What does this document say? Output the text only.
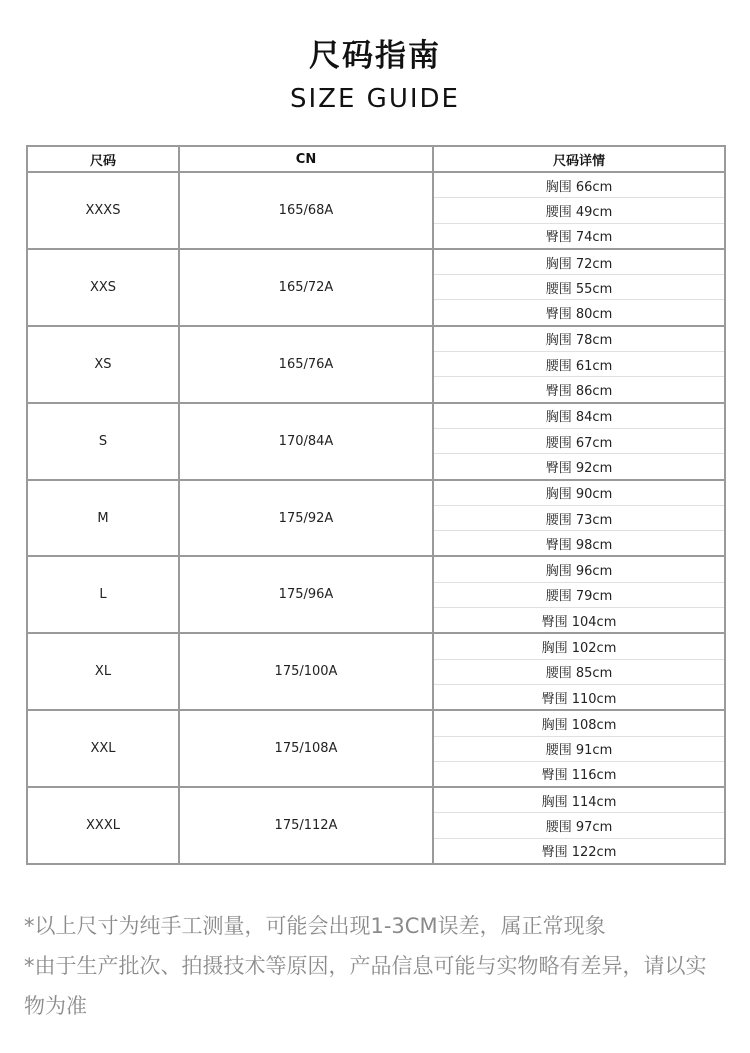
尺码指南
SIZE GUIDE
尺码	CN	尺码详情
XXXS	165/68A	胸围 66cm
		腰围 49cm
		臀围 74cm
XXS	165/72A	胸围 72cm
		腰围 55cm
		臀围 80cm
XS	165/76A	胸围 78cm
		腰围 61cm
		臀围 86cm
S	170/84A	胸围 84cm
		腰围 67cm
		臀围 92cm
M	175/92A	胸围 90cm
		腰围 73cm
		臀围 98cm
L	175/96A	胸围 96cm
		腰围 79cm
		臀围 104cm
XL	175/100A	胸围 102cm
		腰围 85cm
		臀围 110cm
XXL	175/108A	胸围 108cm
		腰围 91cm
		臀围 116cm
XXXL	175/112A	胸围 114cm
		腰围 97cm
		臀围 122cm

*以上尺寸为纯手工测量，可能会出现1-3CM误差，属正常现象

*由于生产批次、拍摄技术等原因，产品信息可能与实物略有差异，请以实物为准
